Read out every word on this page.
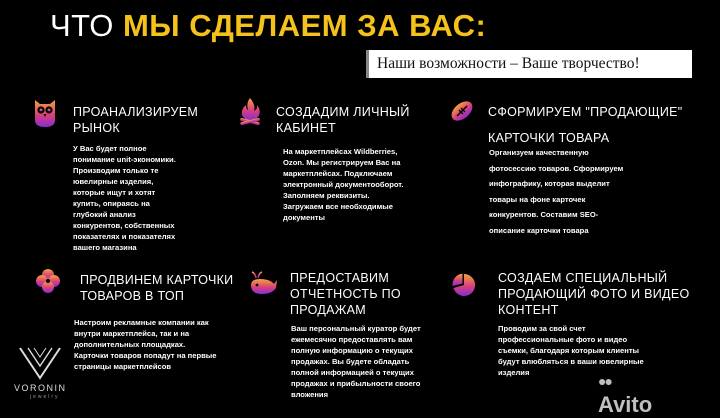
ЧТО МЫ СДЕЛАЕМ ЗА ВАС:
Наши возможности – Ваше творчество!
ПРОАНАЛИЗИРУЕМ
РЫНОК
У Вас будет полное
понимание unit-экономики.
Производим только те
ювелирные изделия,
которые ищут и хотят
купить, опираясь на
глубокий анализ
конкурентов, собственных
показателях и показателях
вашего магазина
СОЗДАДИМ ЛИЧНЫЙ
КАБИНЕТ
На маркетплейсах Wildberries,
Ozon. Мы регистрируем Вас на
маркетплейсах. Подключаем
электронный документооборот.
Заполняем реквизиты.
Загружаем все необходимые
документы
СФОРМИРУЕМ "ПРОДАЮЩИЕ"
КАРТОЧКИ ТОВАРА
Организуем качественную
фотосессию товаров. Сформируем
инфографику, которая выделит
товары на фоне карточек
конкурентов. Составим SEO-
описание карточки товара
ПРОДВИНЕМ КАРТОЧКИ
ТОВАРОВ В ТОП
Настроим рекламные компании как
внутри маркетплейса, так и на
дополнительных площадках.
Карточки товаров попадут на первые
страницы маркетплейсов
ПРЕДОСТАВИМ
ОТЧЕТНОСТЬ ПО
ПРОДАЖАМ
Ваш персональный куратор будет
ежемесячно предоставлять вам
полную информацию о текущих
продажах. Вы будете обладать
полной информацией о текущих
продажах и прибыльности своего
вложения
СОЗДАЕМ СПЕЦИАЛЬНЫЙ
ПРОДАЮЩИЙ ФОТО И ВИДЕО
КОНТЕНТ
Проводим за свой счет
профессиональные фото и видео
съемки, благодаря которым клиенты
будут влюбляться в ваши ювелирные
изделия
VORONIN
jewelry
●●
Avito
